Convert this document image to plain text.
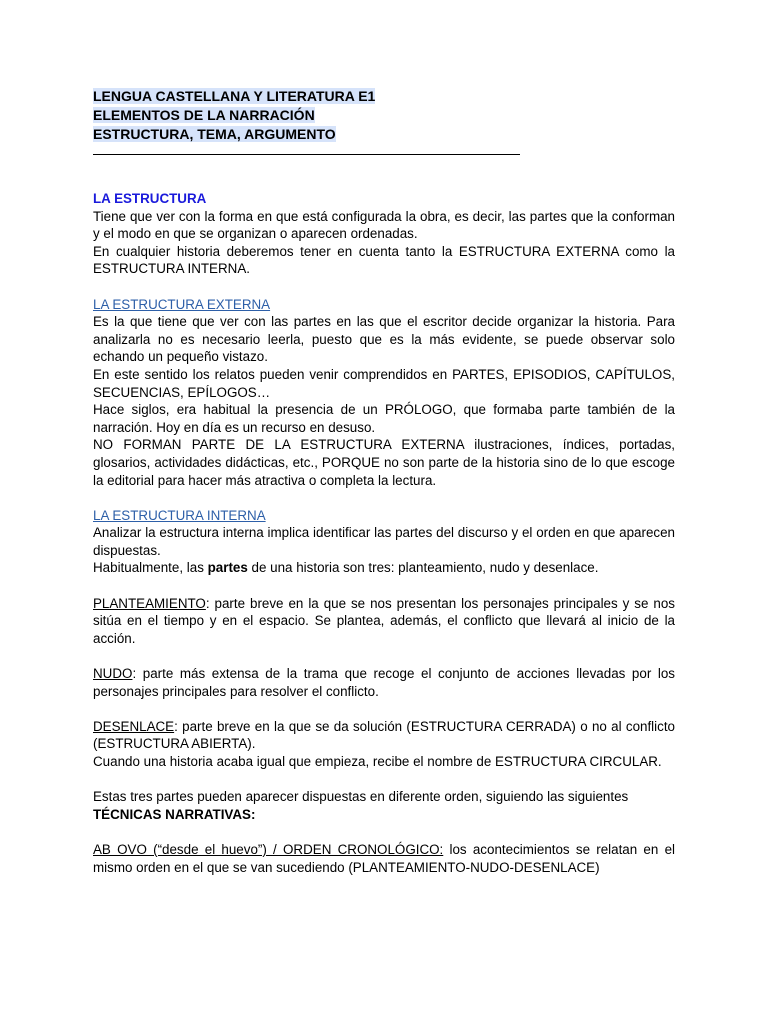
LENGUA CASTELLANA Y LITERATURA E1
ELEMENTOS DE LA NARRACIÓN
ESTRUCTURA, TEMA, ARGUMENTO

LA ESTRUCTURA

Tiene que ver con la forma en que está configurada la obra, es decir, las partes que la conforman y el modo en que se organizan o aparecen ordenadas.

En cualquier historia deberemos tener en cuenta tanto la ESTRUCTURA EXTERNA como la ESTRUCTURA INTERNA.

LA ESTRUCTURA EXTERNA

Es la que tiene que ver con las partes en las que el escritor decide organizar la historia. Para analizarla no es necesario leerla, puesto que es la más evidente, se puede observar solo echando un pequeño vistazo.

En este sentido los relatos pueden venir comprendidos en PARTES, EPISODIOS, CAPÍTULOS, SECUENCIAS, EPÍLOGOS…

Hace siglos, era habitual la presencia de un PRÓLOGO, que formaba parte también de la narración. Hoy en día es un recurso en desuso.

NO FORMAN PARTE DE LA ESTRUCTURA EXTERNA ilustraciones, índices, portadas, glosarios, actividades didácticas, etc., PORQUE no son parte de la historia sino de lo que escoge la editorial para hacer más atractiva o completa la lectura.

LA ESTRUCTURA INTERNA

Analizar la estructura interna implica identificar las partes del discurso y el orden en que aparecen dispuestas.

Habitualmente, las partes de una historia son tres: planteamiento, nudo y desenlace.

PLANTEAMIENTO: parte breve en la que se nos presentan los personajes principales y se nos sitúa en el tiempo y en el espacio. Se plantea, además, el conflicto que llevará al inicio de la acción.

NUDO: parte más extensa de la trama que recoge el conjunto de acciones llevadas por los personajes principales para resolver el conflicto.

DESENLACE: parte breve en la que se da solución (ESTRUCTURA CERRADA) o no al conflicto (ESTRUCTURA ABIERTA).

Cuando una historia acaba igual que empieza, recibe el nombre de ESTRUCTURA CIRCULAR.

Estas tres partes pueden aparecer dispuestas en diferente orden, siguiendo las siguientes

TÉCNICAS NARRATIVAS:

AB OVO (“desde el huevo”) / ORDEN CRONOLÓGICO: los acontecimientos se relatan en el mismo orden en el que se van sucediendo (PLANTEAMIENTO-NUDO-DESENLACE)
